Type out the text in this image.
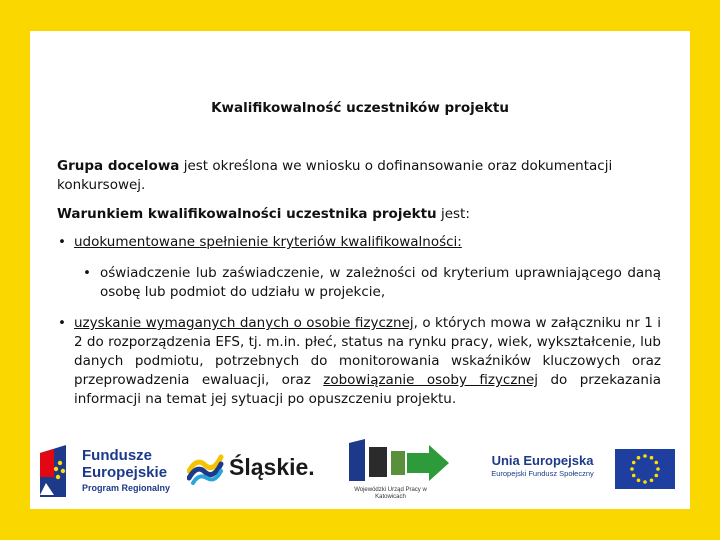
Kwalifikowalność uczestników projektu

Grupa docelowa jest określona we wniosku o dofinansowanie oraz dokumentacji konkursowej.

Warunkiem kwalifikowalności uczestnika projektu jest:

• udokumentowane spełnienie kryteriów kwalifikowalności:
• oświadczenie lub zaświadczenie, w zależności od kryterium uprawniającego daną osobę lub podmiot do udziału w projekcie,
• uzyskanie wymaganych danych o osobie fizycznej, o których mowa w załączniku nr 1 i 2 do rozporządzenia EFS, tj. m.in. płeć, status na rynku pracy, wiek, wykształcenie, lub danych podmiotu, potrzebnych do monitorowania wskaźników kluczowych oraz przeprowadzenia ewaluacji, oraz zobowiązanie osoby fizycznej do przekazania informacji na temat jej sytuacji po opuszczeniu projektu.
Fundusze
Europejskie
Program Regionalny
Śląskie.
Wojewódzki Urząd Pracy w Katowicach
Unia Europejska
Europejski Fundusz Społeczny
